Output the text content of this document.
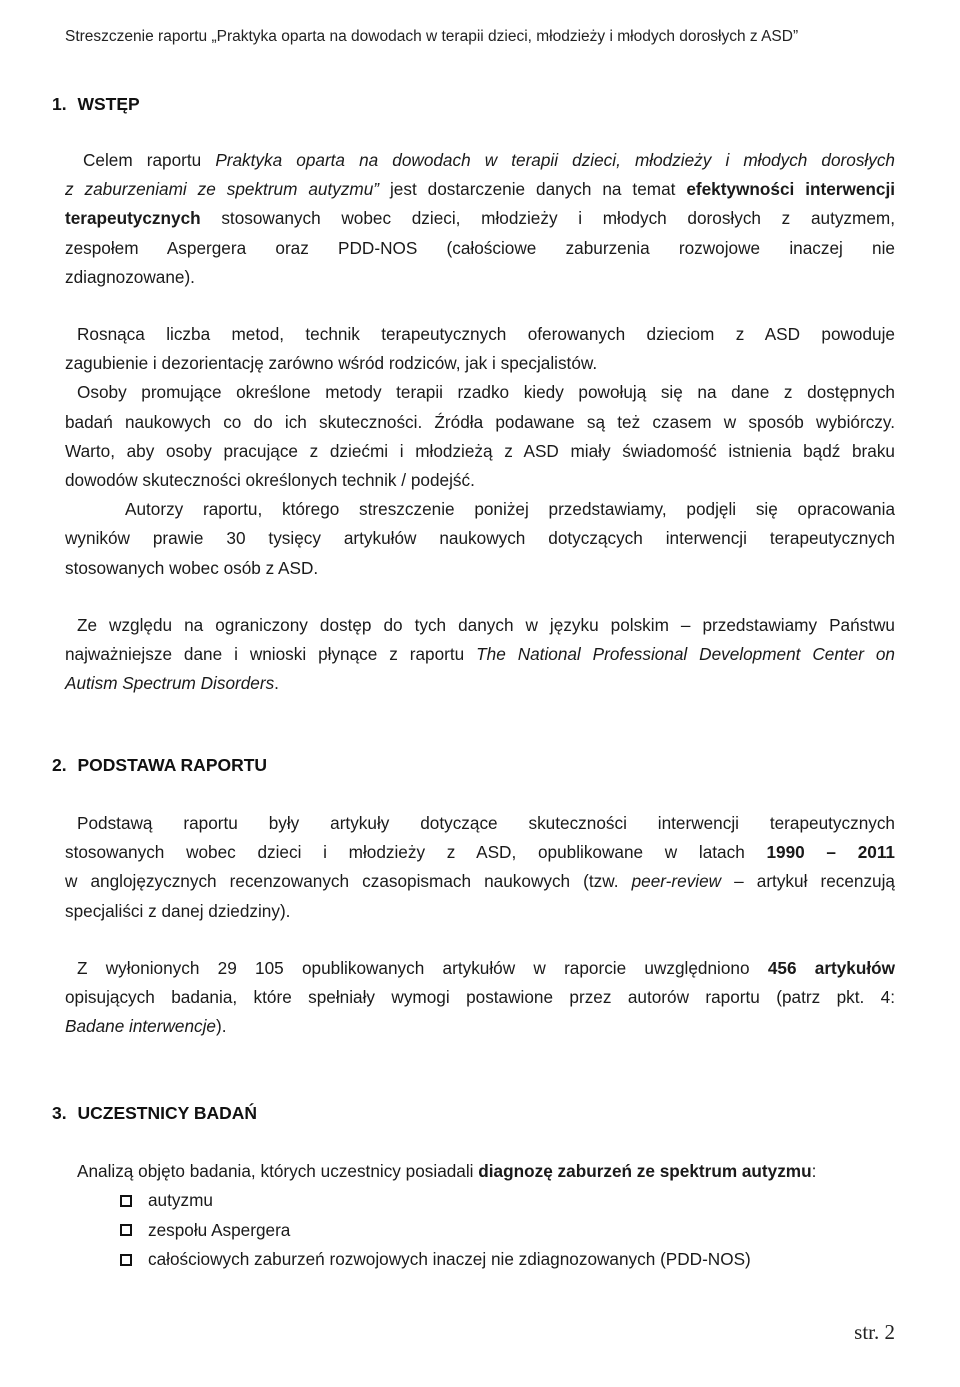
Streszczenie raportu „Praktyka oparta na dowodach w terapii dzieci, młodzieży i młodych dorosłych z ASD”
1. WSTĘP
Celem raportu Praktyka oparta na dowodach w terapii dzieci, młodzieży i młodych dorosłych
z zaburzeniami ze spektrum autyzmu” jest dostarczenie danych na temat efektywności interwencji
terapeutycznych stosowanych wobec dzieci, młodzieży i młodych dorosłych z autyzmem,
zespołem Aspergera oraz PDD-NOS (całościowe zaburzenia rozwojowe inaczej nie
zdiagnozowane).
Rosnąca liczba metod, technik terapeutycznych oferowanych dzieciom z ASD powoduje
zagubienie i dezorientację zarówno wśród rodziców, jak i specjalistów.
Osoby promujące określone metody terapii rzadko kiedy powołują się na dane z dostępnych
badań naukowych co do ich skuteczności. Źródła podawane są też czasem w sposób wybiórczy.
Warto, aby osoby pracujące z dziećmi i młodzieżą z ASD miały świadomość istnienia bądź braku
dowodów skuteczności określonych technik / podejść.
Autorzy raportu, którego streszczenie poniżej przedstawiamy, podjęli się opracowania
wyników prawie 30 tysięcy artykułów naukowych dotyczących interwencji terapeutycznych
stosowanych wobec osób z ASD.
Ze względu na ograniczony dostęp do tych danych w języku polskim – przedstawiamy Państwu
najważniejsze dane i wnioski płynące z raportu The National Professional Development Center on
Autism Spectrum Disorders.
2. PODSTAWA RAPORTU
Podstawą raportu były artykuły dotyczące skuteczności interwencji terapeutycznych
stosowanych wobec dzieci i młodzieży z ASD, opublikowane w latach 1990 – 2011
w anglojęzycznych recenzowanych czasopismach naukowych (tzw. peer-review – artykuł recenzują
specjaliści z danej dziedziny).
Z wyłonionych 29 105 opublikowanych artykułów w raporcie uwzględniono 456 artykułów
opisujących badania, które spełniały wymogi postawione przez autorów raportu (patrz pkt. 4:
Badane interwencje).
3. UCZESTNICY BADAŃ
Analizą objęto badania, których uczestnicy posiadali diagnozę zaburzeń ze spektrum autyzmu:
autyzmu
zespołu Aspergera
całościowych zaburzeń rozwojowych inaczej nie zdiagnozowanych (PDD-NOS)
str. 2
